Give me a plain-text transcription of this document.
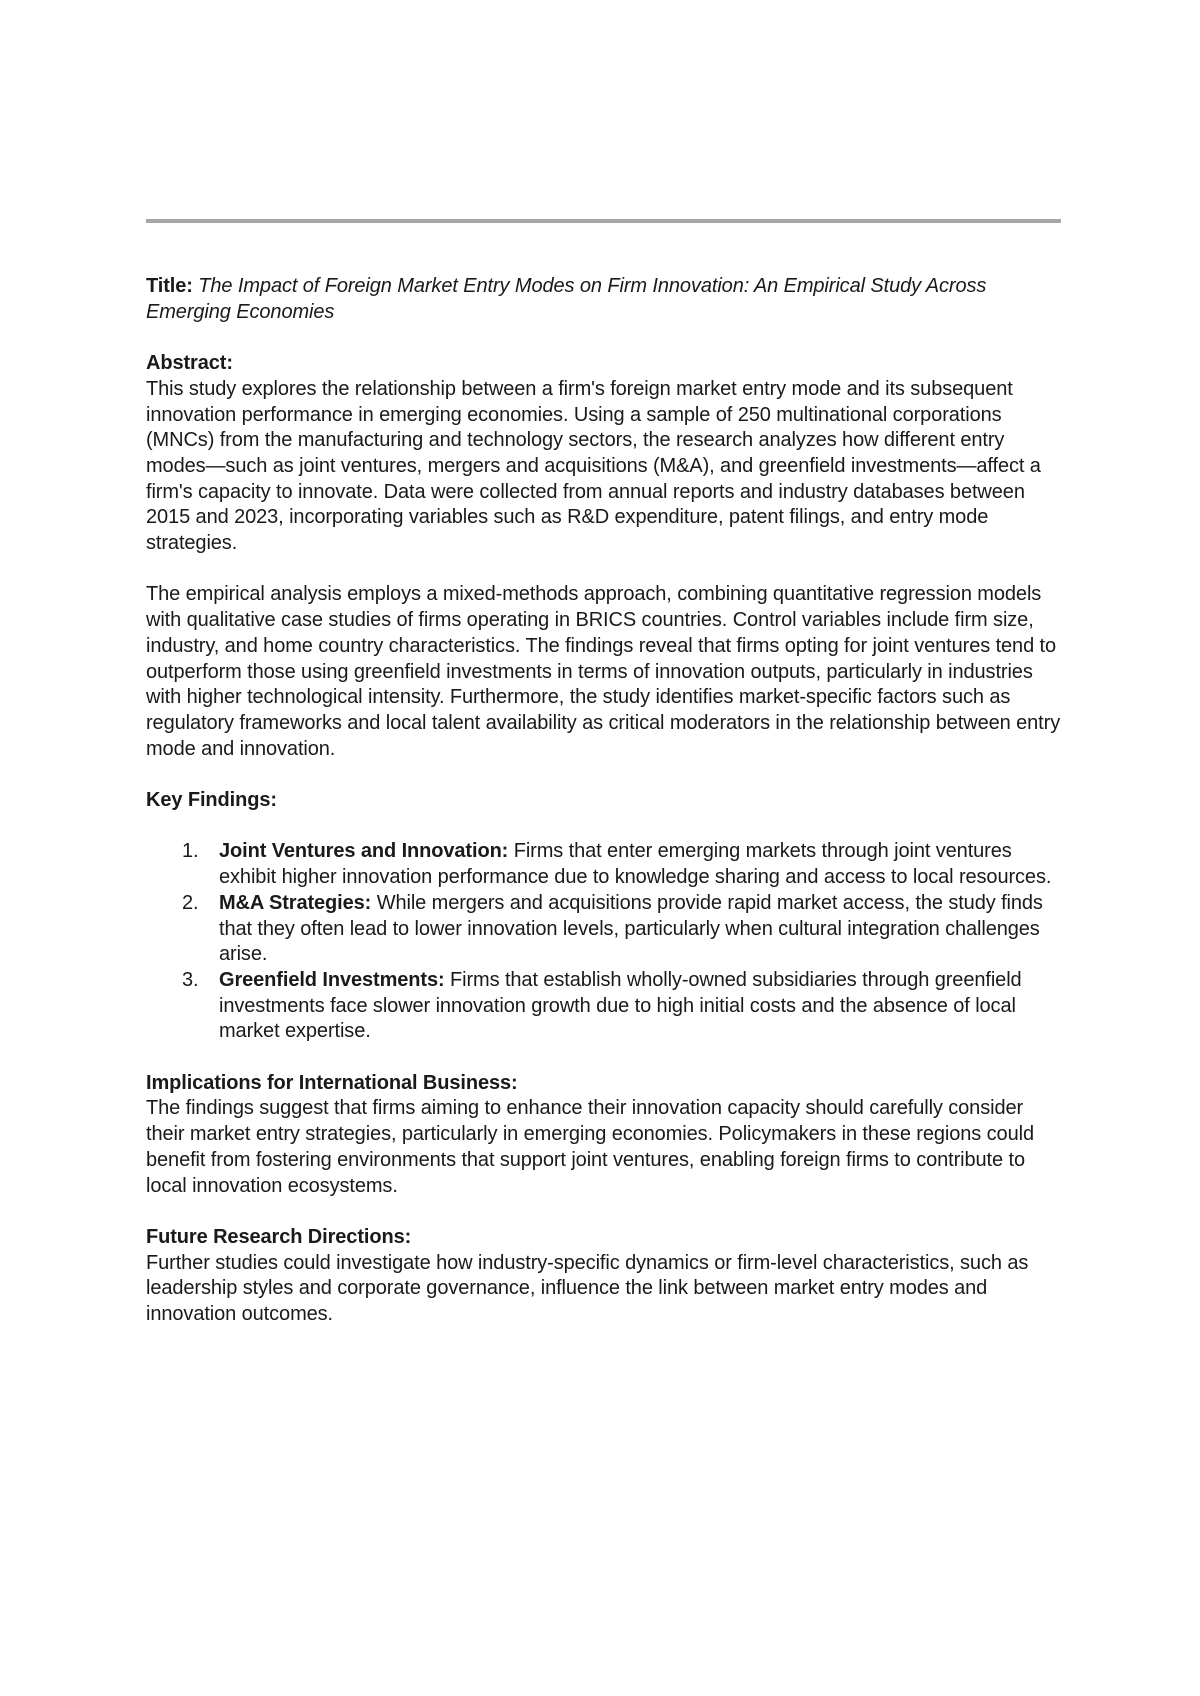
Title: The Impact of Foreign Market Entry Modes on Firm Innovation: An Empirical Study Across Emerging Economies

Abstract:

This study explores the relationship between a firm's foreign market entry mode and its subsequent innovation performance in emerging economies. Using a sample of 250 multinational corporations (MNCs) from the manufacturing and technology sectors, the research analyzes how different entry modes—such as joint ventures, mergers and acquisitions (M&A), and greenfield investments—affect a firm's capacity to innovate. Data were collected from annual reports and industry databases between 2015 and 2023, incorporating variables such as R&D expenditure, patent filings, and entry mode strategies.

The empirical analysis employs a mixed-methods approach, combining quantitative regression models with qualitative case studies of firms operating in BRICS countries. Control variables include firm size, industry, and home country characteristics. The findings reveal that firms opting for joint ventures tend to outperform those using greenfield investments in terms of innovation outputs, particularly in industries with higher technological intensity. Furthermore, the study identifies market-specific factors such as regulatory frameworks and local talent availability as critical moderators in the relationship between entry mode and innovation.

Key Findings:

1. Joint Ventures and Innovation: Firms that enter emerging markets through joint ventures exhibit higher innovation performance due to knowledge sharing and access to local resources.
2. M&A Strategies: While mergers and acquisitions provide rapid market access, the study finds that they often lead to lower innovation levels, particularly when cultural integration challenges arise.
3. Greenfield Investments: Firms that establish wholly-owned subsidiaries through greenfield investments face slower innovation growth due to high initial costs and the absence of local market expertise.

Implications for International Business:

The findings suggest that firms aiming to enhance their innovation capacity should carefully consider their market entry strategies, particularly in emerging economies. Policymakers in these regions could benefit from fostering environments that support joint ventures, enabling foreign firms to contribute to local innovation ecosystems.

Future Research Directions:

Further studies could investigate how industry-specific dynamics or firm-level characteristics, such as leadership styles and corporate governance, influence the link between market entry modes and innovation outcomes.
